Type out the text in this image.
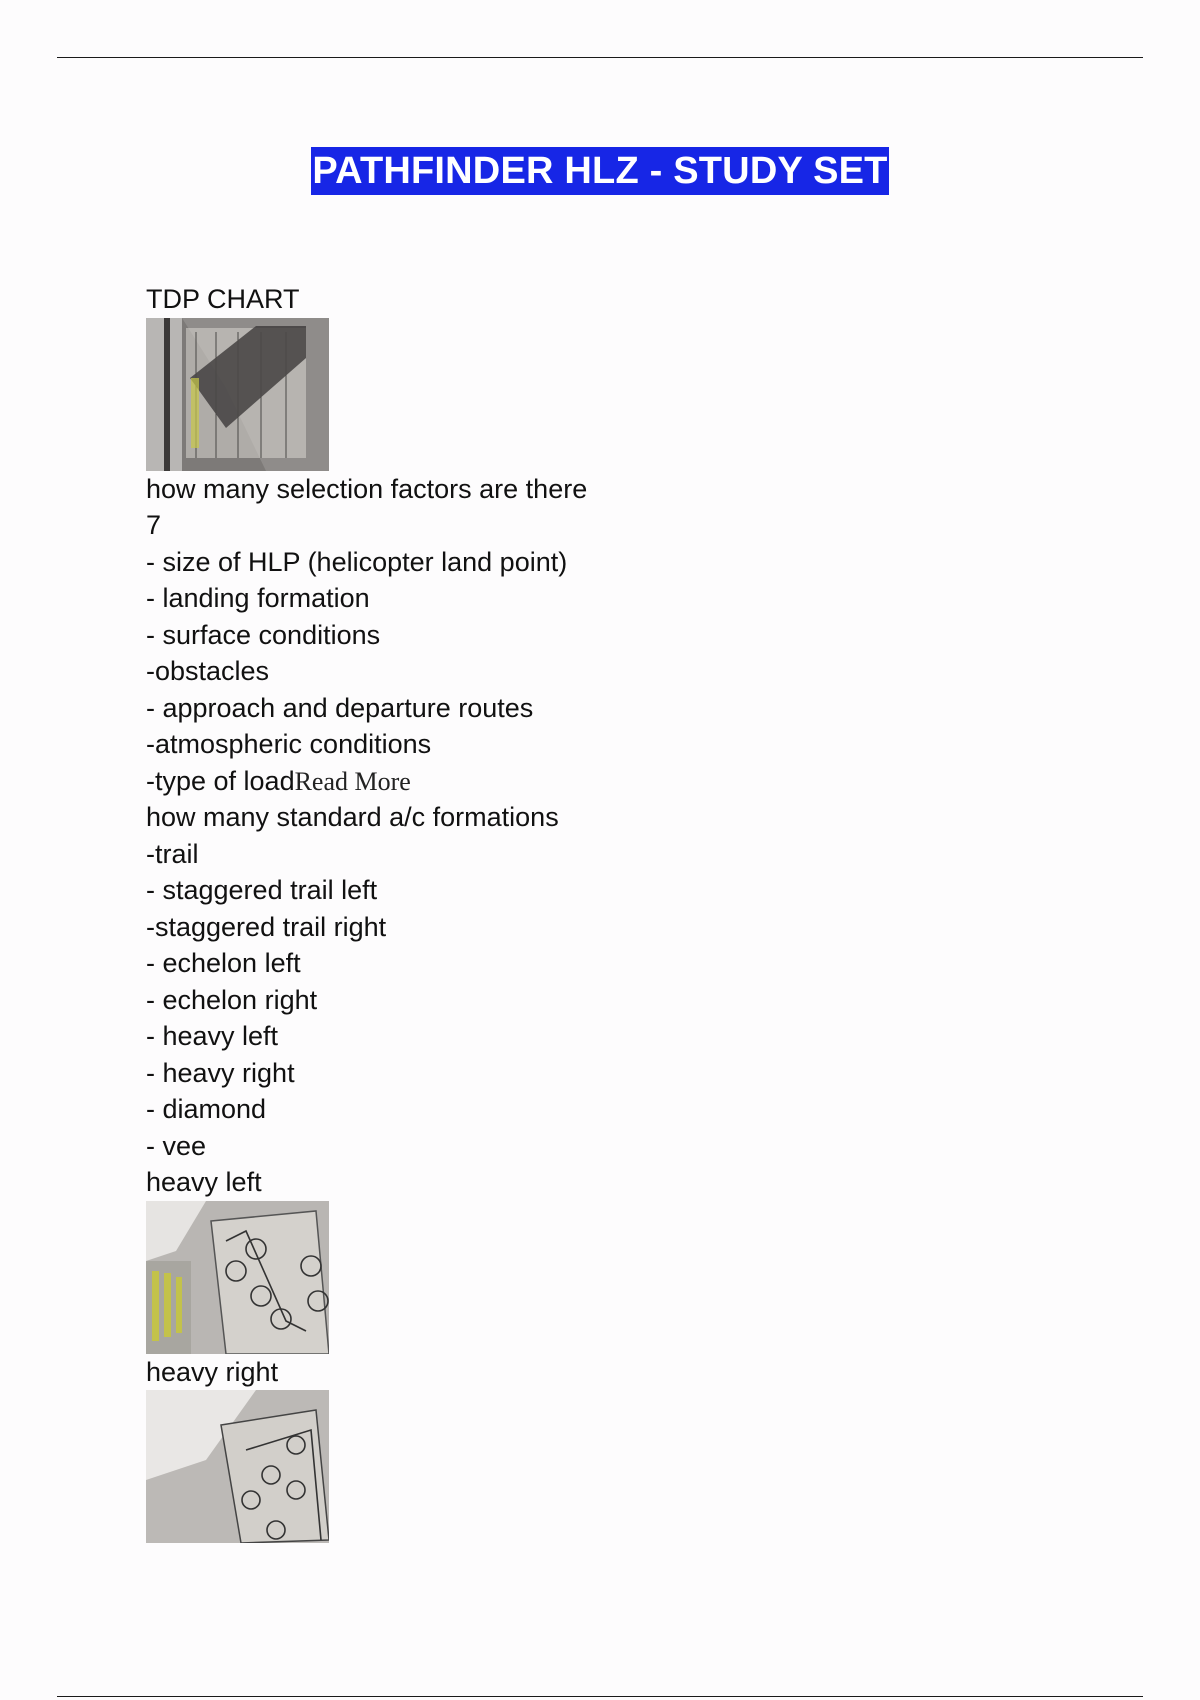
PATHFINDER HLZ - STUDY SET
TDP CHART
how many selection factors are there
7
- size of HLP (helicopter land point)
- landing formation
- surface conditions
-obstacles
- approach and departure routes
-atmospheric conditions
-type of loadRead More
how many standard a/c formations
-trail
- staggered trail left
-staggered trail right
- echelon left
- echelon right
- heavy left
- heavy right
- diamond
- vee
heavy left
heavy right
